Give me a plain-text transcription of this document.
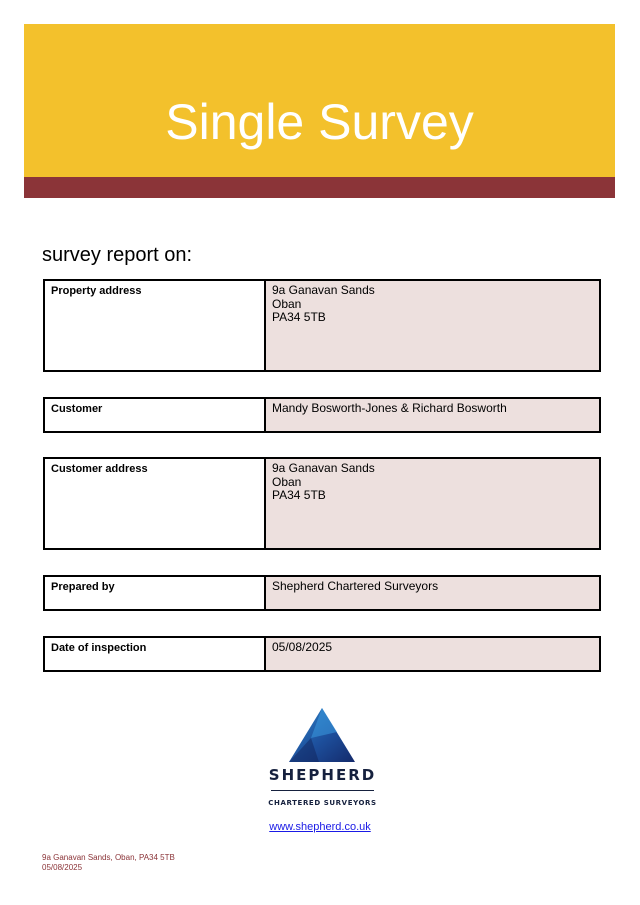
Single Survey
survey report on:
Property address	9a Ganavan Sands
Oban
PA34 5TB
Customer	Mandy Bosworth-Jones & Richard Bosworth
Customer address	9a Ganavan Sands
Oban
PA34 5TB
Prepared by	Shepherd Chartered Surveyors
Date of inspection	05/08/2025
SHEPHERD
CHARTERED SURVEYORS
www.shepherd.co.uk
9a Ganavan Sands, Oban, PA34 5TB
05/08/2025
